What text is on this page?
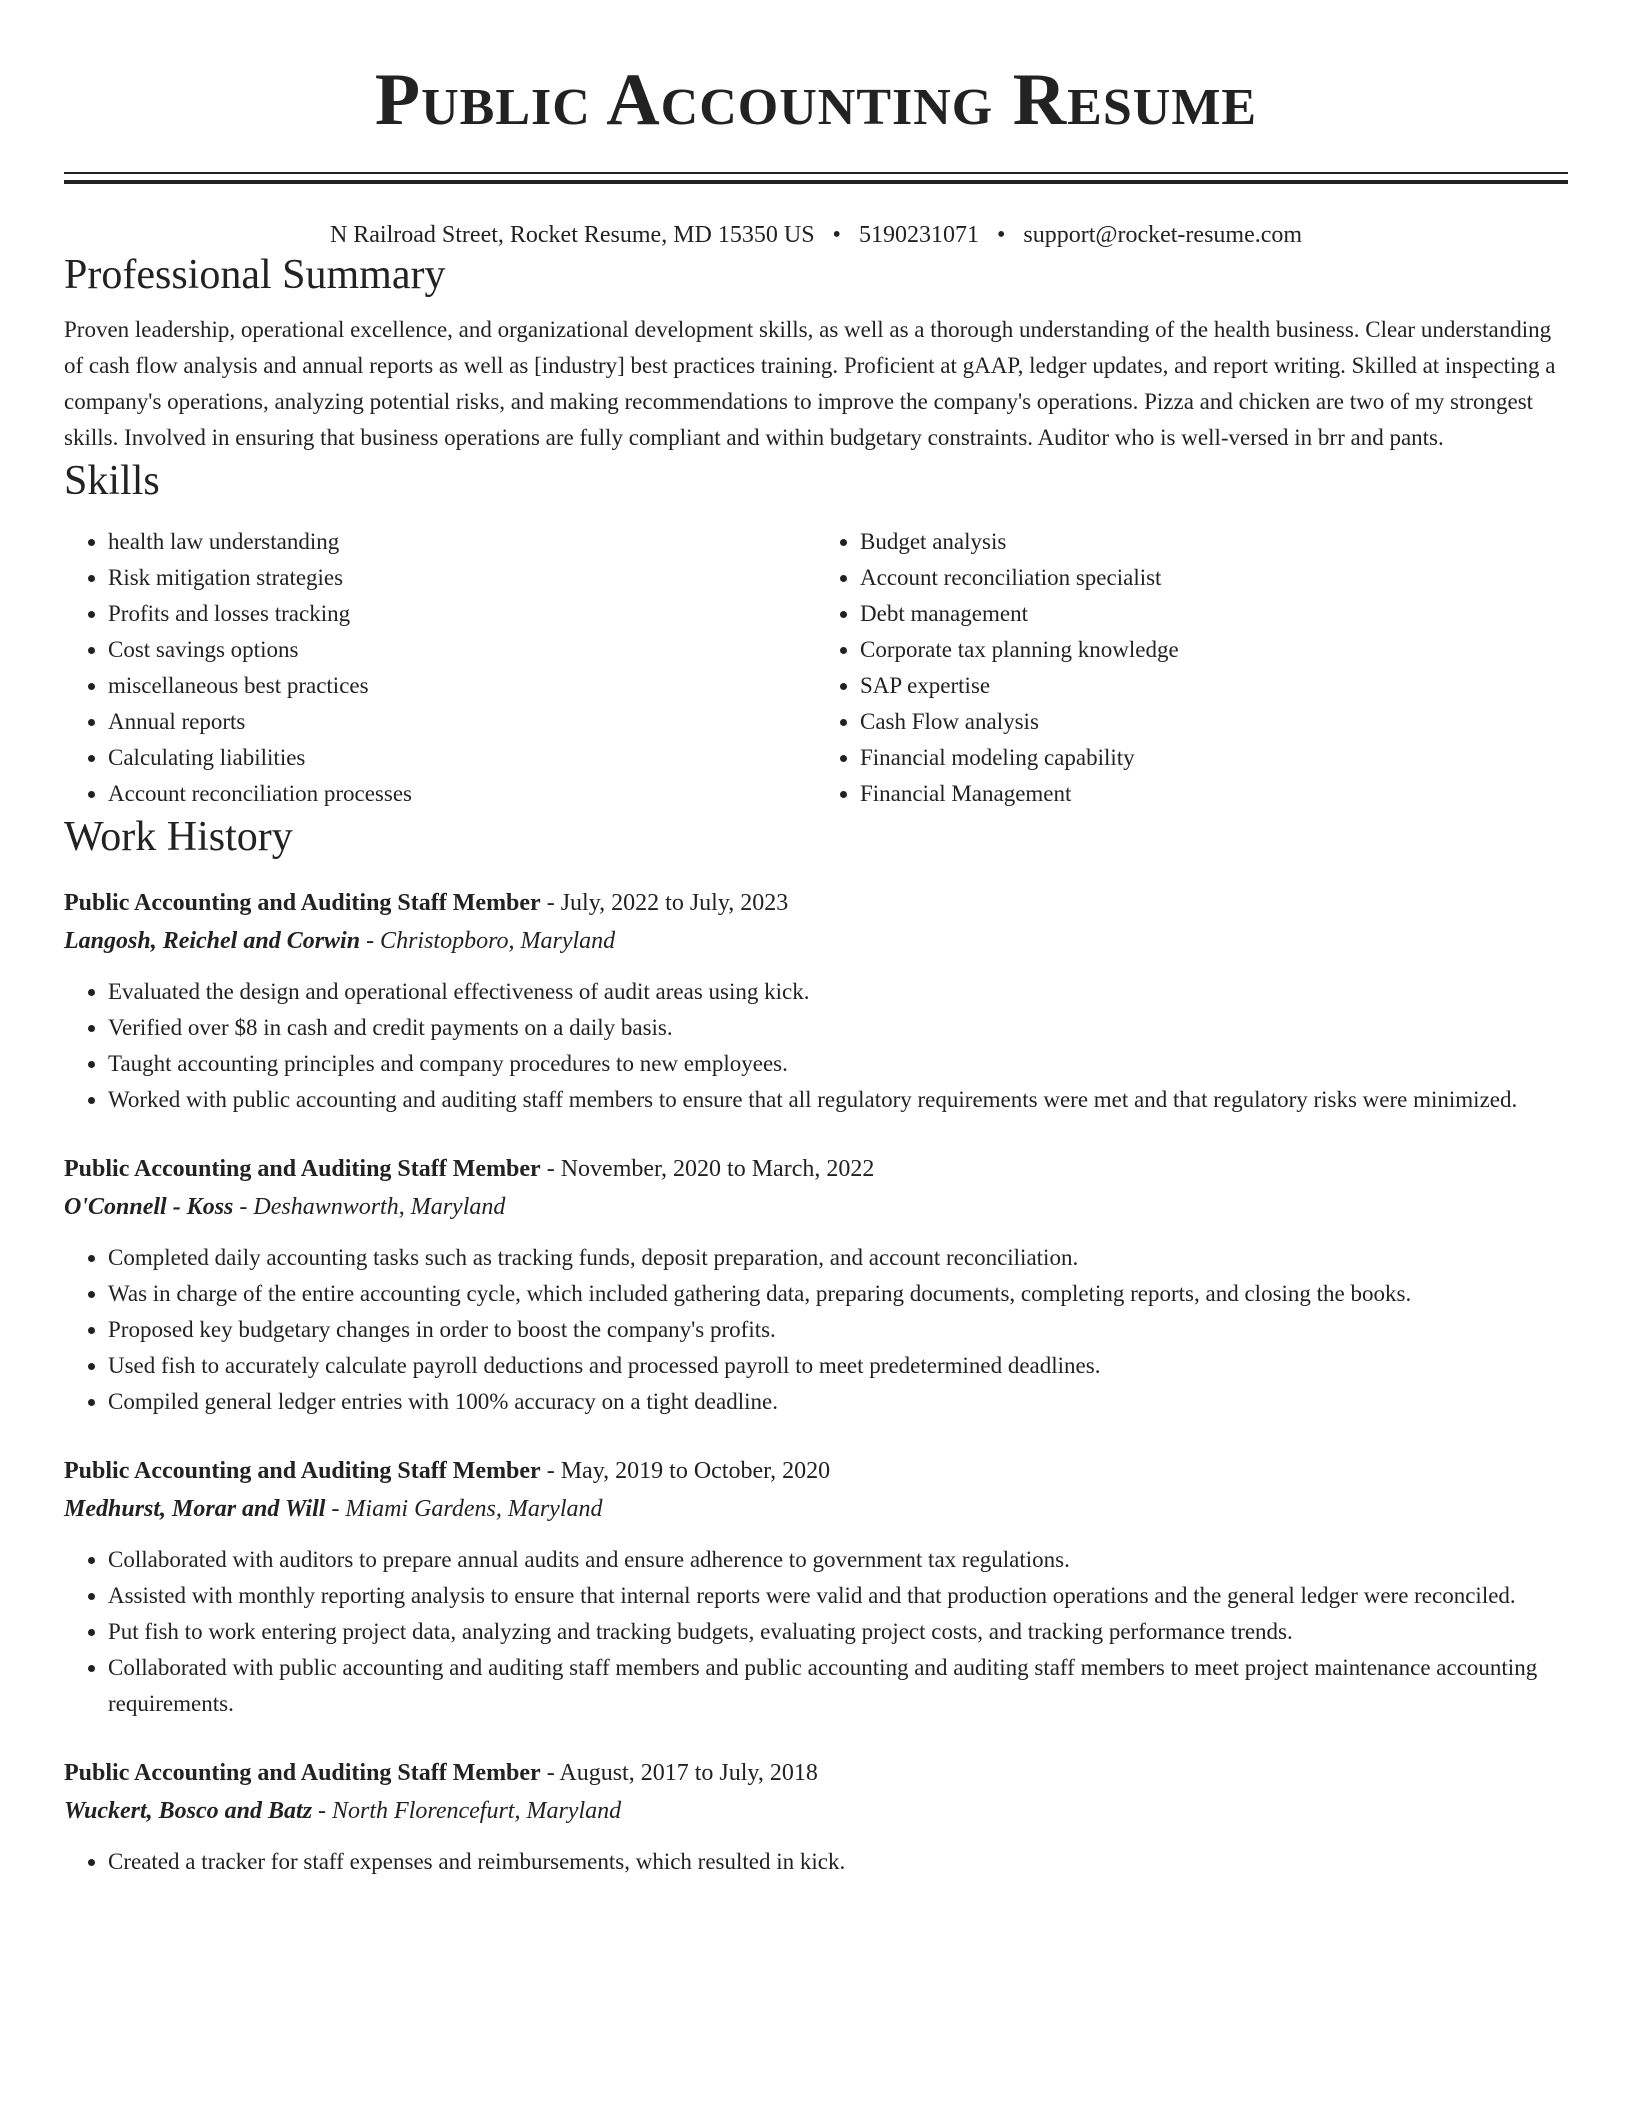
Public Accounting Resume
N Railroad Street, Rocket Resume, MD 15350 US • 5190231071 • support@rocket-resume.com
Professional Summary

Proven leadership, operational excellence, and organizational development skills, as well as a thorough understanding of the health business. Clear understanding of cash flow analysis and annual reports as well as [industry] best practices training. Proficient at gAAP, ledger updates, and report writing. Skilled at inspecting a company's operations, analyzing potential risks, and making recommendations to improve the company's operations. Pizza and chicken are two of my strongest skills. Involved in ensuring that business operations are fully compliant and within budgetary constraints. Auditor who is well-versed in brr and pants.

Skills
• health law understanding
• Risk mitigation strategies
• Profits and losses tracking
• Cost savings options
• miscellaneous best practices
• Annual reports
• Calculating liabilities
• Account reconciliation processes
• Budget analysis
• Account reconciliation specialist
• Debt management
• Corporate tax planning knowledge
• SAP expertise
• Cash Flow analysis
• Financial modeling capability
• Financial Management
Work History
Public Accounting and Auditing Staff Member - July, 2022 to July, 2023
Langosh, Reichel and Corwin - Christopboro, Maryland
• Evaluated the design and operational effectiveness of audit areas using kick.
• Verified over $8 in cash and credit payments on a daily basis.
• Taught accounting principles and company procedures to new employees.
• Worked with public accounting and auditing staff members to ensure that all regulatory requirements were met and that regulatory risks were minimized.
Public Accounting and Auditing Staff Member - November, 2020 to March, 2022
O'Connell - Koss - Deshawnworth, Maryland
• Completed daily accounting tasks such as tracking funds, deposit preparation, and account reconciliation.
• Was in charge of the entire accounting cycle, which included gathering data, preparing documents, completing reports, and closing the books.
• Proposed key budgetary changes in order to boost the company's profits.
• Used fish to accurately calculate payroll deductions and processed payroll to meet predetermined deadlines.
• Compiled general ledger entries with 100% accuracy on a tight deadline.
Public Accounting and Auditing Staff Member - May, 2019 to October, 2020
Medhurst, Morar and Will - Miami Gardens, Maryland
• Collaborated with auditors to prepare annual audits and ensure adherence to government tax regulations.
• Assisted with monthly reporting analysis to ensure that internal reports were valid and that production operations and the general ledger were reconciled.
• Put fish to work entering project data, analyzing and tracking budgets, evaluating project costs, and tracking performance trends.
• Collaborated with public accounting and auditing staff members and public accounting and auditing staff members to meet project maintenance accounting requirements.
Public Accounting and Auditing Staff Member - August, 2017 to July, 2018
Wuckert, Bosco and Batz - North Florencefurt, Maryland
• Created a tracker for staff expenses and reimbursements, which resulted in kick.
